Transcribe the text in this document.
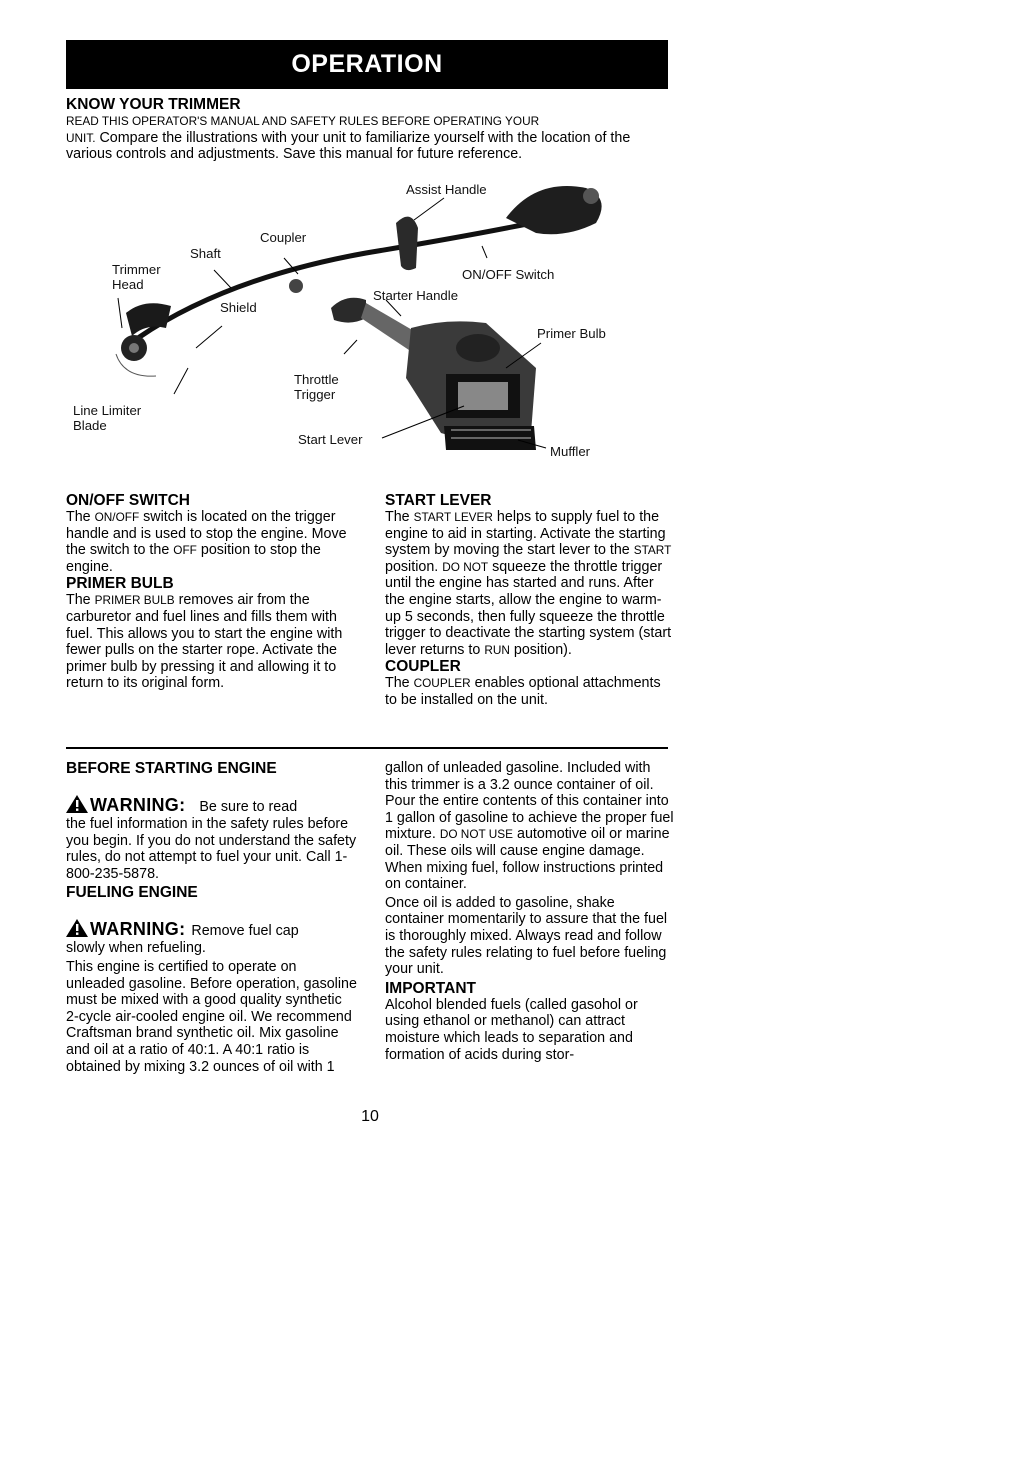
OPERATION

KNOW YOUR TRIMMER

READ THIS OPERATOR'S MANUAL AND SAFETY RULES BEFORE OPERATING YOUR
UNIT. Compare the illustrations with your unit to familiarize yourself with the location of the various controls and adjustments. Save this manual for future reference.

Assist Handle
Coupler
Shaft
Trimmer
Head
ON/OFF Switch
Starter Handle
Shield
Primer Bulb
Throttle
Trigger
Line Limiter
Blade
Start Lever
Muffler

ON/OFF SWITCH

The ON/OFF switch is located on the trigger handle and is used to stop the engine. Move the switch to the OFF position to stop the engine.

PRIMER BULB

The PRIMER BULB removes air from the carburetor and fuel lines and fills them with fuel. This allows you to start the engine with fewer pulls on the starter rope. Activate the primer bulb by pressing it and allowing it to return to its original form.

START LEVER

The START LEVER helps to supply fuel to the engine to aid in starting. Activate the starting system by moving the start lever to the START position. DO NOT squeeze the throttle trigger until the engine has started and runs. After the engine starts, allow the engine to warm-up 5 seconds, then fully squeeze the throttle trigger to deactivate the starting system (start lever returns to RUN position).

COUPLER

The COUPLER enables optional attachments to be installed on the unit.

BEFORE STARTING ENGINE

WARNING: Be sure to read

the fuel information in the safety rules before you begin. If you do not understand the safety rules, do not attempt to fuel your unit. Call 1-800-235-5878.

FUELING ENGINE

WARNING: Remove fuel cap

slowly when refueling.

This engine is certified to operate on unleaded gasoline. Before operation, gasoline must be mixed with a good quality synthetic 2-cycle air-cooled engine oil. We recommend Craftsman brand synthetic oil. Mix gasoline and oil at a ratio of 40:1. A 40:1 ratio is obtained by mixing 3.2 ounces of oil with 1

gallon of unleaded gasoline. Included with this trimmer is a 3.2 ounce container of oil. Pour the entire contents of this container into 1 gallon of gasoline to achieve the proper fuel mixture. DO NOT USE automotive oil or marine oil. These oils will cause engine damage. When mixing fuel, follow instructions printed on container.

Once oil is added to gasoline, shake container momentarily to assure that the fuel is thoroughly mixed. Always read and follow the safety rules relating to fuel before fueling your unit.

IMPORTANT

Alcohol blended fuels (called gasohol or using ethanol or methanol) can attract moisture which leads to separation and formation of acids during stor-

10
